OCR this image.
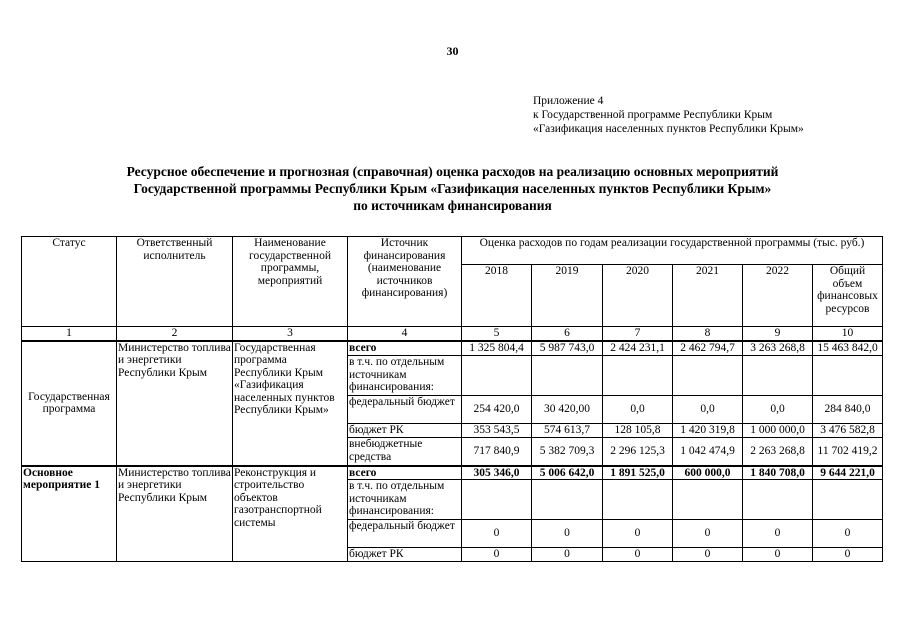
30
Приложение 4
к Государственной программе Республики Крым
«Газификация населенных пунктов Республики Крым»
Ресурсное обеспечение и прогнозная (справочная) оценка расходов на реализацию основных мероприятий
Государственной программы Республики Крым «Газификация населенных пунктов Республики Крым»
по источникам финансирования
Статус	Ответственный исполнитель	Наименование государственной программы, мероприятий	Источник финансирования (наименование источников финансирования)	Оценка расходов по годам реализации государственной программы (тыс. руб.)					
				2018	2019	2020	2021	2022	Общий объем финансовых ресурсов
1	2	3	4	5	6	7	8	9	10
Государственная программа	Министерство топлива и энергетики Республики Крым	Государственная программа Республики Крым «Газификация населенных пунктов Республики Крым»	всего	1 325 804,4	5 987 743,0	2 424 231,1	2 462 794,7	3 263 268,8	15 463 842,0
			в т.ч. по отдельным источникам финансирования:						
			федеральный бюджет	254 420,0	30 420,00	0,0	0,0	0,0	284 840,0
			бюджет РК	353 543,5	574 613,7	128 105,8	1 420 319,8	1 000 000,0	3 476 582,8
			внебюджетные средства	717 840,9	5 382 709,3	2 296 125,3	1 042 474,9	2 263 268,8	11 702 419,2
Основное мероприятие 1	Министерство топлива и энергетики Республики Крым	Реконструкция и строительство объектов газотранспортной системы	всего	305 346,0	5 006 642,0	1 891 525,0	600 000,0	1 840 708,0	9 644 221,0
			в т.ч. по отдельным источникам финансирования:						
			федеральный бюджет	0	0	0	0	0	0
			бюджет РК	0	0	0	0	0	0
